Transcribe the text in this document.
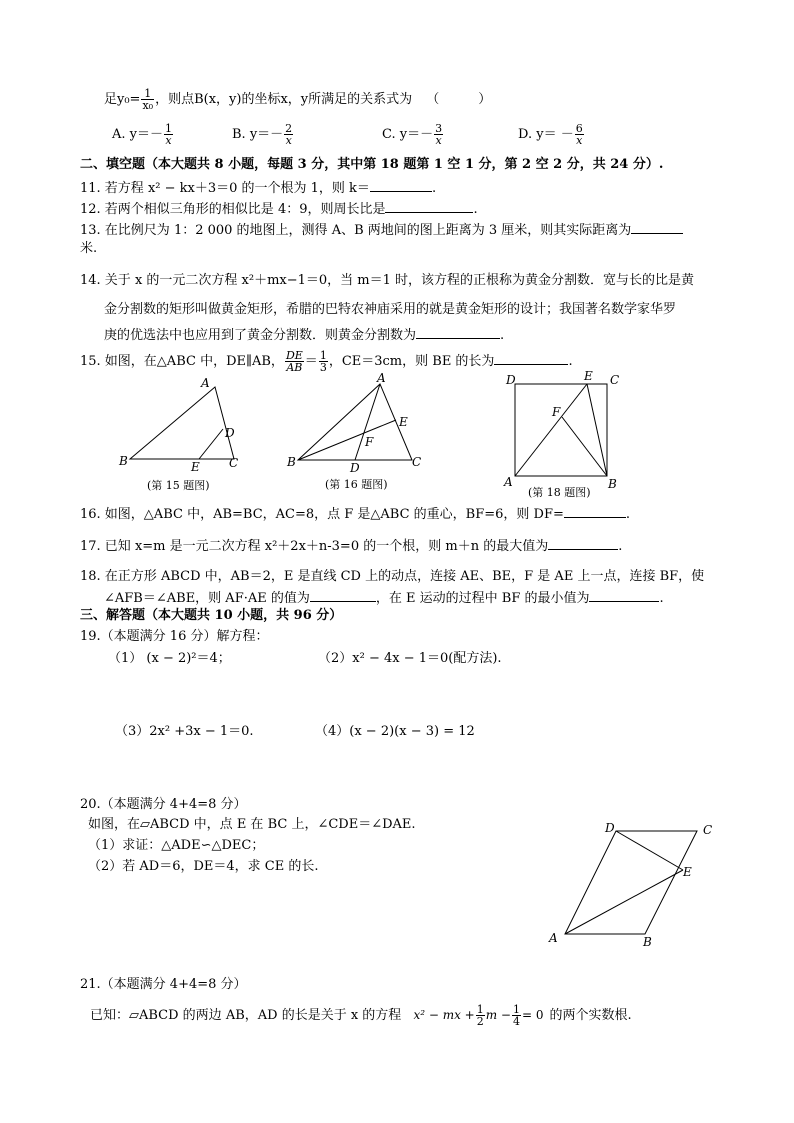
足$y_0= \frac{1}{\text{x₀}}$ ，则点B(x，y)的坐标x，y所满足的关系式为 （　　　）
A. $y=- \frac{1}{x}$	B. $y=- \frac{2}{x}$	C. $y=- \frac{3}{x}$	D. $y= - \frac{6}{x}$
二、填空题（本大题共 8 小题，每题 3 分，其中第 18 题第 1 空 1 分，第 2 空 2 分，共 24 分）.
11. 若方程 x² − kx＋3＝0 的一个根为 1，则 k＝	.
12. 若两个相似三角形的相似比是 4：9，则周长比是	.
13. 在比例尺为 1：2 000 的地图上，测得 A、B 两地间的图上距离为 3 厘米，则其实际距离为
米.
14. 关于 x 的一元二次方程 x²＋mx−1＝0，当 m＝1 时，该方程的正根称为黄金分割数．宽与长的比是黄
金分割数的矩形叫做黄金矩形，希腊的巴特农神庙采用的就是黄金矩形的设计；我国著名数学家华罗
庚的优选法中也应用到了黄金分割数．则黄金分割数为	.
15. 如图，在△ABC 中，DE∥AB， $\frac{DE}{AB} = \frac{1}{3}$ ，CE＝3cm，则 BE 的长为	.
A
B	C
D
E
(第 15 题图)
A
B	C
D
E
F
(第 16 题图)	A	B
C
D	E
F
(第 18 题图)
16. 如图，△ABC 中，AB=BC，AC=8，点 F 是△ABC 的重心，BF=6，则 DF=	.
17. 已知 x=m 是一元二次方程 x²＋2x＋n-3=0 的一个根，则 m＋n 的最大值为	.
18. 在正方形 ABCD 中，AB＝2，E 是直线 CD 上的动点，连接 AE、BE，F 是 AE 上一点，连接 BF，使
∠AFB＝∠ABE，则 AF·AE 的值为	，在 E 运动的过程中 BF 的最小值为	.
三、解答题（本大题共 10 小题，共 96 分）
19.（本题满分 16 分）解方程：
（1） (x − 2)²＝4；	（2）x² − 4x − 1＝0(配方法).
（3）2x² +3x − 1＝0.	（4）(x − 2)(x − 3) = 12
20.（本题满分 4+4=8 分）
如图，在▱ABCD 中，点 E 在 BC 上，∠CDE＝∠DAE.
（1）求证：△ADE∽△DEC；
（2）若 AD＝6，DE＝4，求 CE 的长.
A	B
C
D
E
21.（本题满分 4+4=8 分）
已知：▱ABCD 的两边 AB，AD 的长是关于 x 的方程 x² − mx + $\frac{1}{2}$ $m - \frac{1}{4} = 0$ 的两个实数根.
